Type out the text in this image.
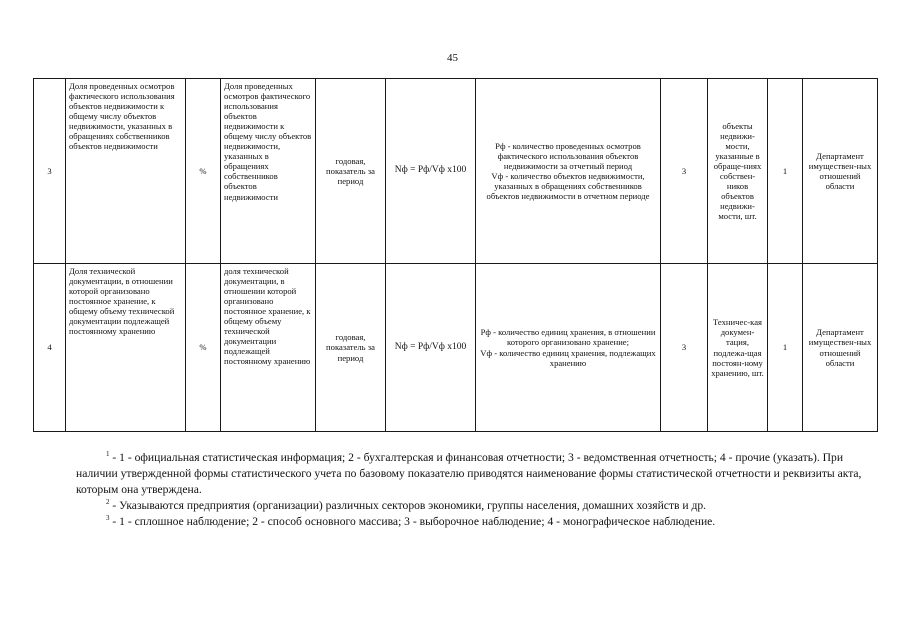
45
3	Доля проведенных осмотров фактического использования объектов недвижимости к общему числу объектов недвижимости, указанных в обращениях собственников объектов недвижимости	%	Доля проведенных осмотров фактического использования объектов недвижимости к общему числу объектов недвижимости, указанных в обращениях собственников объектов недвижимости	годовая, показатель за период	Nф = Рф/Vф x100	Рф - количество проведенных осмотров фактического использования объектов недвижимости за отчетный период
Vф - количество объектов недвижимости, указанных в обращениях собственников объектов недвижимости в отчетном периоде	3	объекты недвижи-мости, указанные в обраще-ниях собствен-ников объектов недвижи-мости, шт.	1	Департамент имуществен-ных отношений области
4	Доля технической документации, в отношении которой организовано постоянное хранение, к общему объему технической документации подлежащей постоянному хранению	%	доля технической документации, в отношении которой организовано постоянное хранение, к общему объему технической документации подлежащей постоянному хранению	годовая, показатель за период	Nф = Рф/Vф x100	Рф - количество единиц хранения, в отношении которого организовано хранение;
Vф - количество единиц хранения, подлежащих хранению	3	Техничес-кая докумен-тация, подлежа-щая постоян-ному хранению, шт.	1	Департамент имуществен-ных отношений области

$^1$ - 1 - официальная статистическая информация; 2 - бухгалтерская и финансовая отчетности; 3 - ведомственная отчетность; 4 - прочие (указать). При наличии утвержденной формы статистического учета по базовому показателю приводятся наименование формы статистической отчетности и реквизиты акта, которым она утверждена.

$^2$ - Указываются предприятия (организации) различных секторов экономики, группы населения, домашних хозяйств и др.

$^3$ - 1 - сплошное наблюдение; 2 - способ основного массива; 3 - выборочное наблюдение; 4 - монографическое наблюдение.
